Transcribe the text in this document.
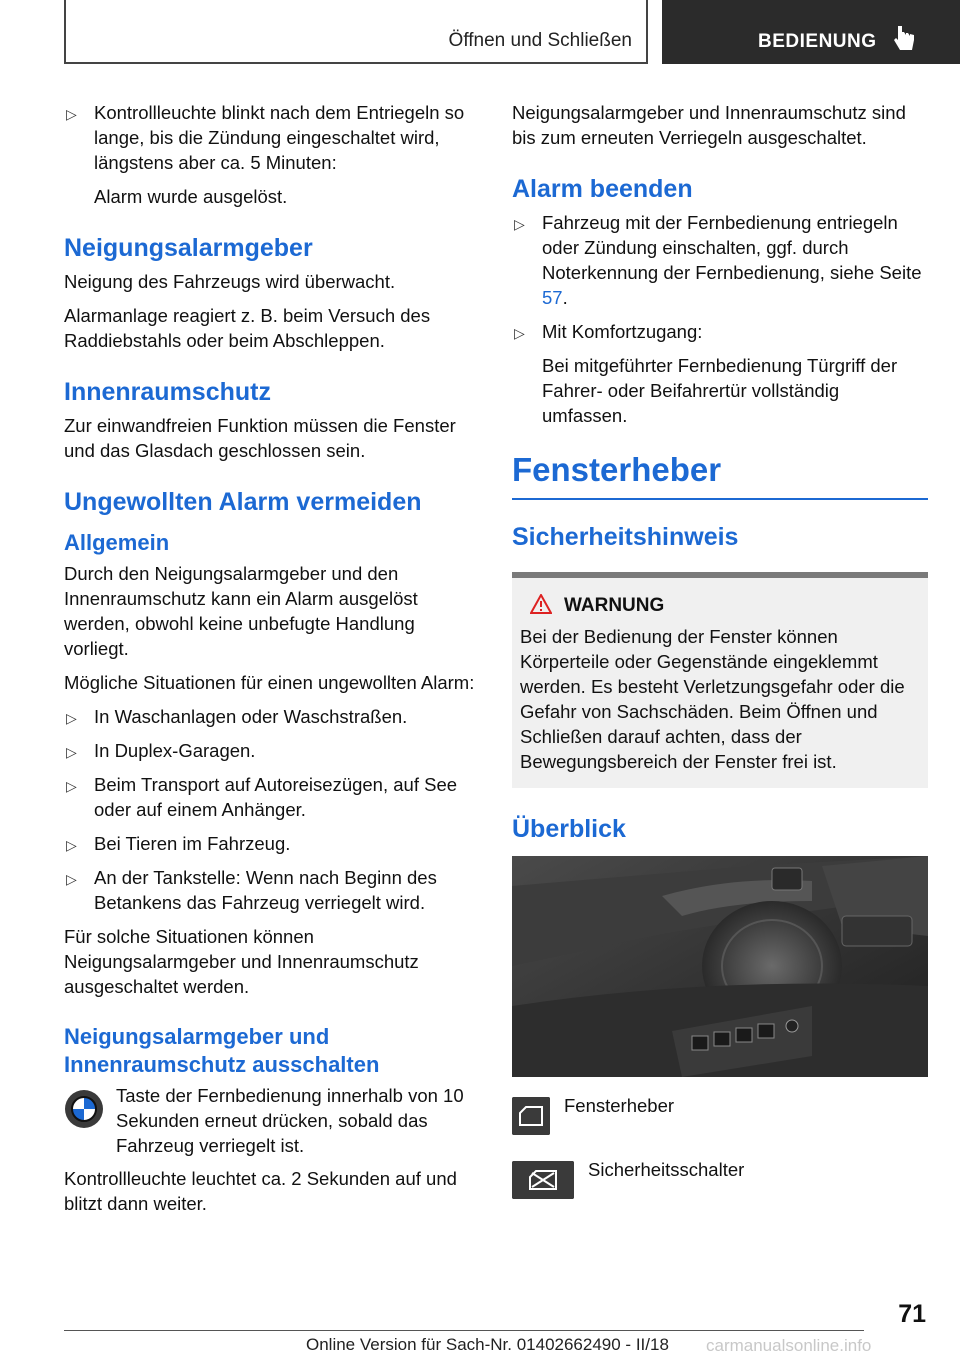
Öffnen und Schließen	BEDIENUNG
▷ Kontrollleuchte blinkt nach dem Entriegeln so lange, bis die Zündung eingeschaltet wird, längstens aber ca. 5 Minuten:
Alarm wurde ausgelöst.
Neigungsalarmgeber
Neigung des Fahrzeugs wird überwacht.
Alarmanlage reagiert z. B. beim Versuch des Raddiebstahls oder beim Abschleppen.
Innenraumschutz
Zur einwandfreien Funktion müssen die Fenster und das Glasdach geschlossen sein.
Ungewollten Alarm vermeiden
Allgemein
Durch den Neigungsalarmgeber und den Innenraumschutz kann ein Alarm ausgelöst werden, obwohl keine unbefugte Handlung vorliegt.
Mögliche Situationen für einen ungewollten Alarm:
▷ In Waschanlagen oder Waschstraßen.
▷ In Duplex-Garagen.
▷ Beim Transport auf Autoreisezügen, auf See oder auf einem Anhänger.
▷ Bei Tieren im Fahrzeug.
▷ An der Tankstelle: Wenn nach Beginn des Betankens das Fahrzeug verriegelt wird.
Für solche Situationen können Neigungsalarmgeber und Innenraumschutz ausgeschaltet werden.
Neigungsalarmgeber und Innenraumschutz ausschalten
Taste der Fernbedienung innerhalb von 10 Sekunden erneut drücken, sobald das Fahrzeug verriegelt ist.
Kontrollleuchte leuchtet ca. 2 Sekunden auf und blitzt dann weiter.
Neigungsalarmgeber und Innenraumschutz sind bis zum erneuten Verriegeln ausgeschaltet.
Alarm beenden
▷ Fahrzeug mit der Fernbedienung entriegeln oder Zündung einschalten, ggf. durch Noterkennung der Fernbedienung, siehe Seite 57.
▷ Mit Komfortzugang:
Bei mitgeführter Fernbedienung Türgriff der Fahrer- oder Beifahrertür vollständig umfassen.
Fensterheber
Sicherheitshinweis
WARNUNG
Bei der Bedienung der Fenster können Körperteile oder Gegenstände eingeklemmt werden. Es besteht Verletzungsgefahr oder die Gefahr von Sachschäden. Beim Öffnen und Schließen darauf achten, dass der Bewegungsbereich der Fenster frei ist.
Überblick
Fensterheber
Sicherheitsschalter
71
Online Version für Sach-Nr. 01402662490 - II/18 carmanualsonline.info
